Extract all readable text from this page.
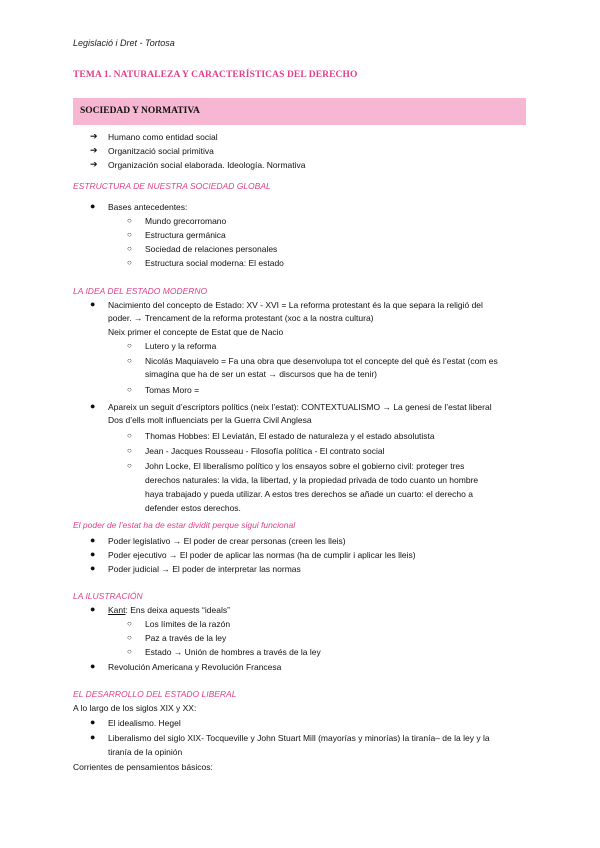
Legislació i Dret - Tortosa
TEMA 1. NATURALEZA Y CARACTERÍSTICAS DEL DERECHO
SOCIEDAD Y NORMATIVA
➔ Humano como entidad social
➔ Organització social primitiva
➔ Organización social elaborada. Ideología. Normativa
ESTRUCTURA DE NUESTRA SOCIEDAD GLOBAL
● Bases antecedentes:
○ Mundo grecorromano
○ Estructura germánica
○ Sociedad de relaciones personales
○ Estructura social moderna: El estado
LA IDEA DEL ESTADO MODERNO
● Nacimiento del concepto de Estado: XV - XVI = La reforma protestant és la que separa la religió del
poder. → Trencament de la reforma protestant (xoc a la nostra cultura)
Neix primer el concepte de Estat que de Nacio
○ Lutero y la reforma
○ Nicolás Maquiavelo = Fa una obra que desenvolupa tot el concepte del què és l’estat (com es
simagina que ha de ser un estat → discursos que ha de tenir)
○ Tomas Moro =
● Apareix un seguit d’escriptors polítics (neix l’estat): CONTEXTUALISMO → La genesi de l’estat liberal
Dos d’ells molt influenciats per la Guerra Civil Anglesa
○ Thomas Hobbes: El Leviatán, El estado de naturaleza y el estado absolutista
○ Jean - Jacques Rousseau - Filosofía política - El contrato social
○ John Locke, El liberalismo político y los ensayos sobre el gobierno civil: proteger tres
derechos naturales: la vida, la libertad, y la propiedad privada de todo cuanto un hombre
haya trabajado y pueda utilizar. A estos tres derechos se añade un cuarto: el derecho a
defender estos derechos.
El poder de l’estat ha de estar dividit perque sigui funcional
● Poder legislativo → El poder de crear personas (creen les lleis)
● Poder ejecutivo → El poder de aplicar las normas (ha de cumplir i aplicar les lleis)
● Poder judicial → El poder de interpretar las normas
LA ILUSTRACIÓN
● Kant: Ens deixa aquests “ideals”
○ Los límites de la razón
○ Paz a través de la ley
○ Estado → Unión de hombres a través de la ley
● Revolución Americana y Revolución Francesa
EL DESARROLLO DEL ESTADO LIBERAL
A lo largo de los siglos XIX y XX:
● El idealismo. Hegel
● Liberalismo del siglo XIX- Tocqueville y John Stuart Mill (mayorías y minorías) la tiranía– de la ley y la
tiranía de la opinión
Corrientes de pensamientos básicos:
